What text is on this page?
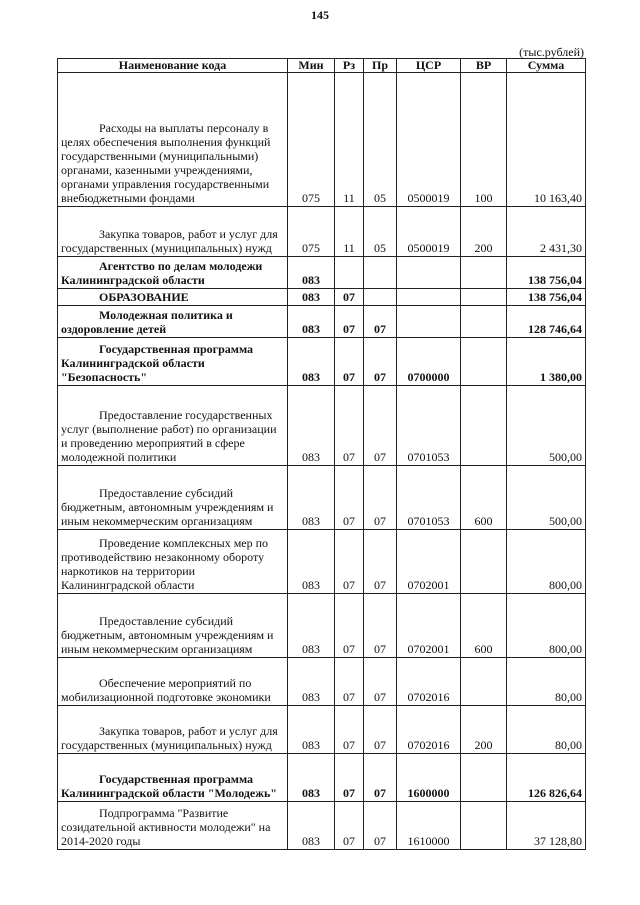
145
(тыс.рублей)
Наименование кода	Мин	Рз	Пр	ЦСР	ВР	Сумма

Расходы на выплаты персоналу в целях обеспечения выполнения функций государственными (муниципальными) органами, казенными учреждениями, органами управления государственными внебюджетными фондами	075	11	05	0500019	100	10 163,40

Закупка товаров, работ и услуг для государственных (муниципальных) нужд	075	11	05	0500019	200	2 431,30

Агентство по делам молодежи Калининградской области	083					138 756,04

ОБРАЗОВАНИЕ	083	07				138 756,04

Молодежная политика и оздоровление детей	083	07	07			128 746,64

Государственная программа Калининградской области "Безопасность"	083	07	07	0700000		1 380,00

Предоставление государственных услуг (выполнение работ) по организации и проведению мероприятий в сфере молодежной политики	083	07	07	0701053		500,00

Предоставление субсидий бюджетным, автономным учреждениям и иным некоммерческим организациям	083	07	07	0701053	600	500,00

Проведение комплексных мер по противодействию незаконному обороту наркотиков на территории Калининградской области	083	07	07	0702001		800,00

Предоставление субсидий бюджетным, автономным учреждениям и иным некоммерческим организациям	083	07	07	0702001	600	800,00

Обеспечение мероприятий по мобилизационной подготовке экономики	083	07	07	0702016		80,00

Закупка товаров, работ и услуг для государственных (муниципальных) нужд	083	07	07	0702016	200	80,00

Государственная программа Калининградской области "Молодежь"	083	07	07	1600000		126 826,64

Подпрограмма "Развитие созидательной активности молодежи" на 2014-2020 годы	083	07	07	1610000		37 128,80
